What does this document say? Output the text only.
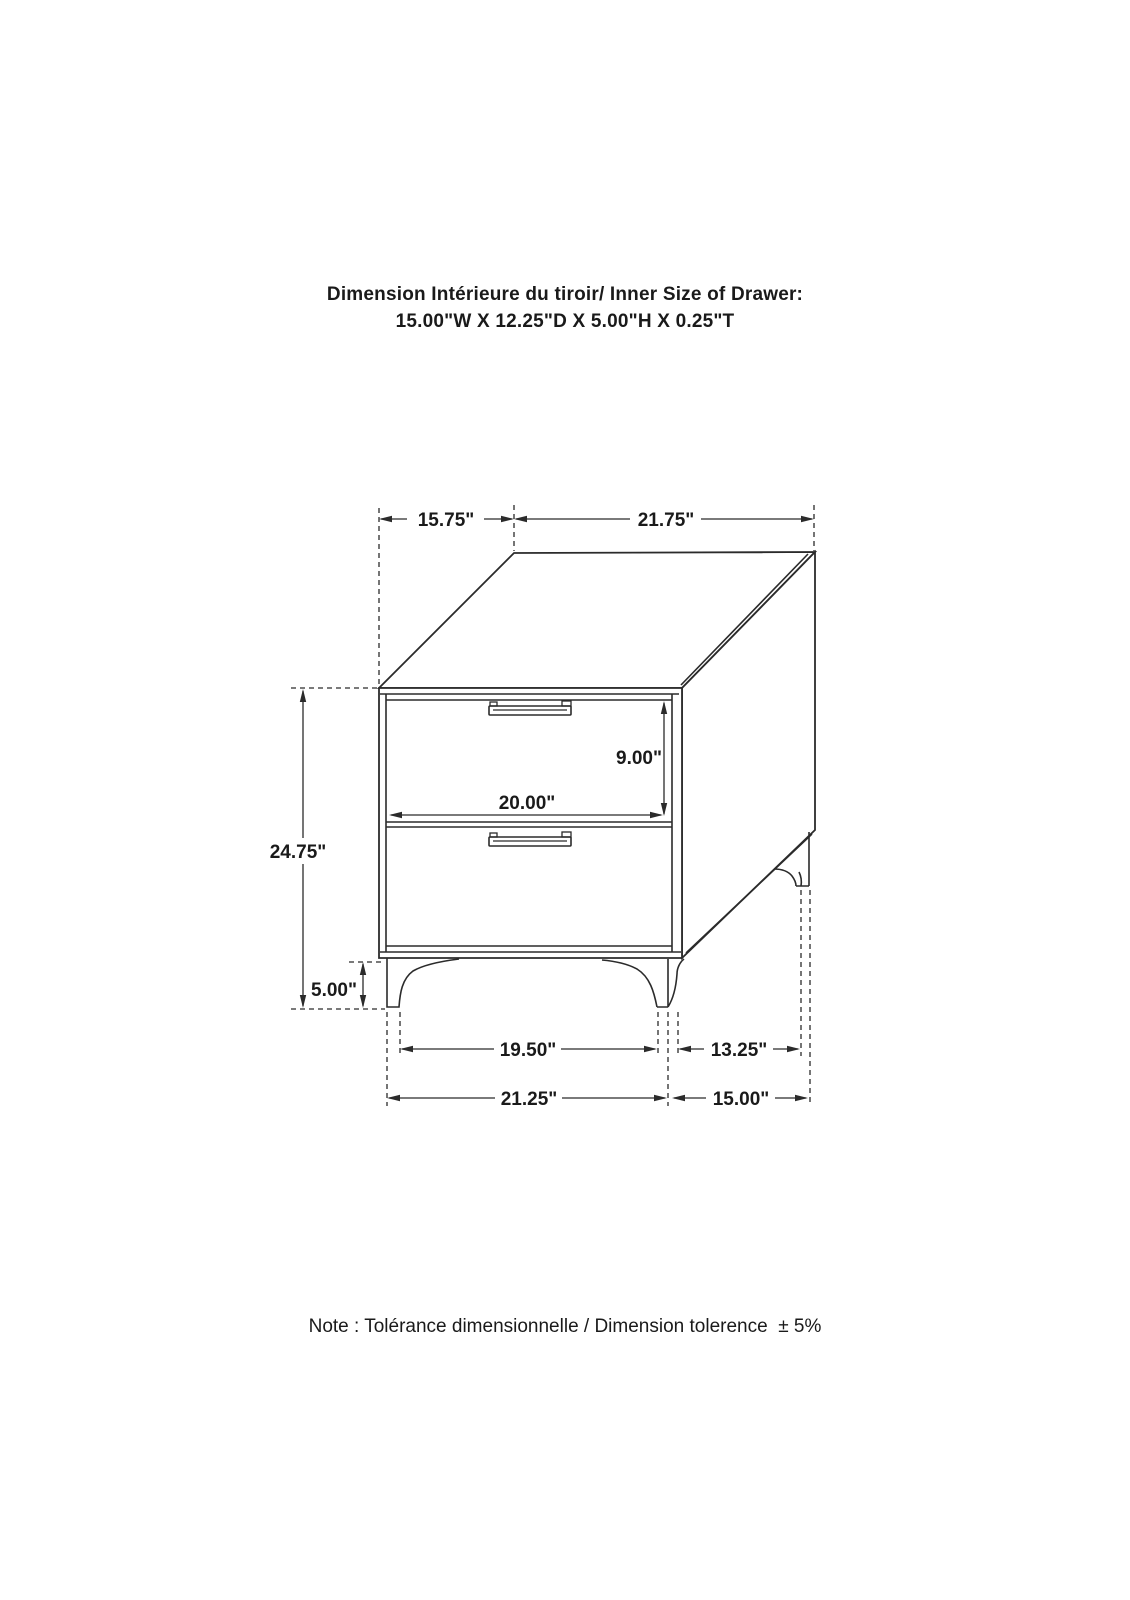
Dimension Intérieure du tiroir/ Inner Size of Drawer:
15.00"W X 12.25"D X 5.00"H X 0.25"T
15.75"	21.75"
24.75"
9.00"
20.00"
5.00"
19.50"	13.25"
21.25"	15.00"
Note : Tolérance dimensionnelle / Dimension tolerence  ± 5%
